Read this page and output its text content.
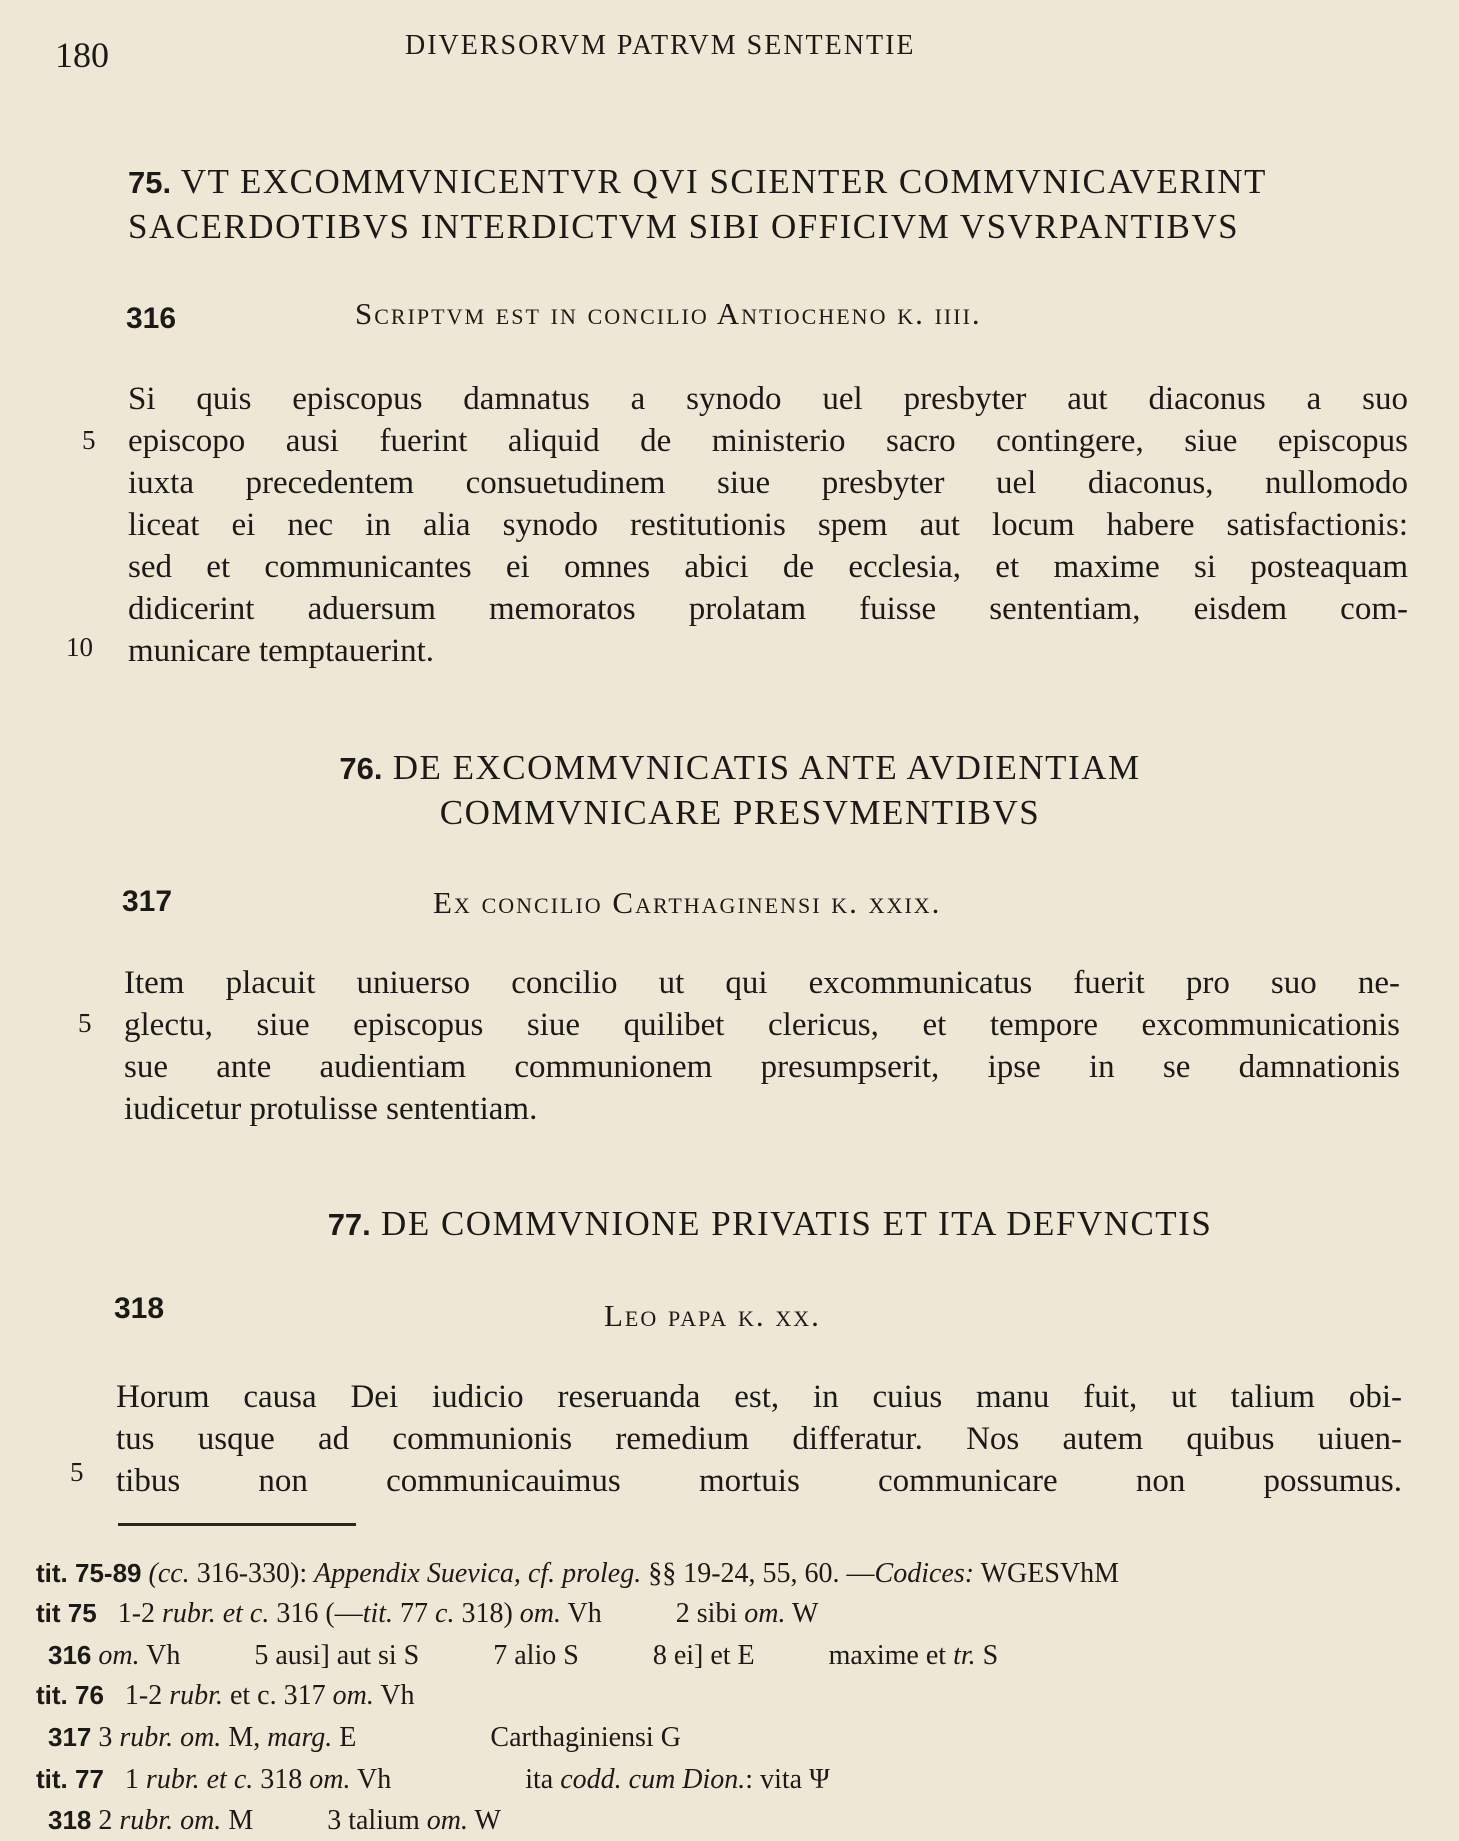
180	DIVERSORVM PATRVM SENTENTIE
75. VT EXCOMMVNICENTVR QVI SCIENTER COMMVNICAVERINT
SACERDOTIBVS INTERDICTVM SIBI OFFICIVM VSVRPANTIBVS
316	Scriptvm est in concilio Antiocheno k. iiii.
5
10
Si quis episcopus damnatus a synodo uel presbyter aut diaconus a suo
episcopo ausi fuerint aliquid de ministerio sacro contingere, siue episcopus
iuxta precedentem consuetudinem siue presbyter uel diaconus, nullomodo
liceat ei nec in alia synodo restitutionis spem aut locum habere satisfactionis:
sed et communicantes ei omnes abici de ecclesia, et maxime si posteaquam
didicerint aduersum memoratos prolatam fuisse sententiam, eisdem com-
municare temptauerint.
76. DE EXCOMMVNICATIS ANTE AVDIENTIAM
COMMVNICARE PRESVMENTIBVS
317	Ex concilio Carthaginensi k. xxix.
5
Item placuit uniuerso concilio ut qui excommunicatus fuerit pro suo ne-
glectu, siue episcopus siue quilibet clericus, et tempore excommunicationis
sue ante audientiam communionem presumpserit, ipse in se damnationis
iudicetur protulisse sententiam.
77. DE COMMVNIONE PRIVATIS ET ITA DEFVNCTIS
318	Leo papa k. xx.
5
Horum causa Dei iudicio reseruanda est, in cuius manu fuit, ut talium obi-
tus usque ad communionis remedium differatur. Nos autem quibus uiuen-
tibus non communicauimus mortuis communicare non possumus.
tit. 75-89 (cc. 316-330): Appendix Suevica, cf. proleg. §§ 19-24, 55, 60. —Codices: WGESVhM
tit 75 1-2 rubr. et c. 316 (—tit. 77 c. 318) om. Vh	2 sibi om. W
316 om. Vh	5 ausi] aut si S	7 alio S	8 ei] et E	maxime et tr. S
tit. 76 1-2 rubr. et c. 317 om. Vh
317 3 rubr. om. M, marg. E	Carthaginiensi G
tit. 77 1 rubr. et c. 318 om. Vh	ita codd. cum Dion.: vita Ψ
318 2 rubr. om. M	3 talium om. W
